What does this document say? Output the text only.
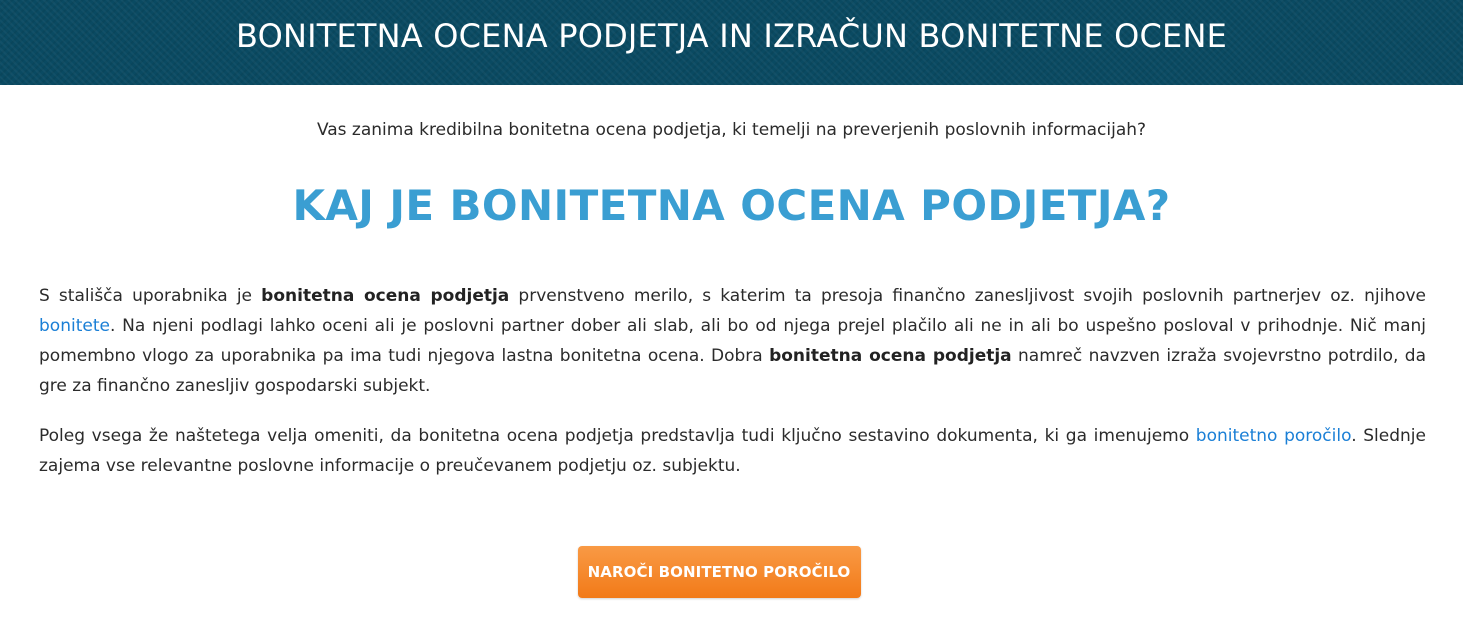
BONITETNA OCENA PODJETJA IN IZRAČUN BONITETNE OCENE

Vas zanima kredibilna bonitetna ocena podjetja, ki temelji na preverjenih poslovnih informacijah?

KAJ JE BONITETNA OCENA PODJETJA?

S stališča uporabnika je bonitetna ocena podjetja prvenstveno merilo, s katerim ta presoja finančno zanesljivost svojih poslovnih partnerjev oz. njihove bonitete. Na njeni podlagi lahko oceni ali je poslovni partner dober ali slab, ali bo od njega prejel plačilo ali ne in ali bo uspešno posloval v prihodnje. Nič manj pomembno vlogo za uporabnika pa ima tudi njegova lastna bonitetna ocena. Dobra bonitetna ocena podjetja namreč navzven izraža svojevrstno potrdilo, da gre za finančno zanesljiv gospodarski subjekt.

Poleg vsega že naštetega velja omeniti, da bonitetna ocena podjetja predstavlja tudi ključno sestavino dokumenta, ki ga imenujemo bonitetno poročilo. Slednje zajema vse relevantne poslovne informacije o preučevanem podjetju oz. subjektu.

NAROČI BONITETNO POROČILO
